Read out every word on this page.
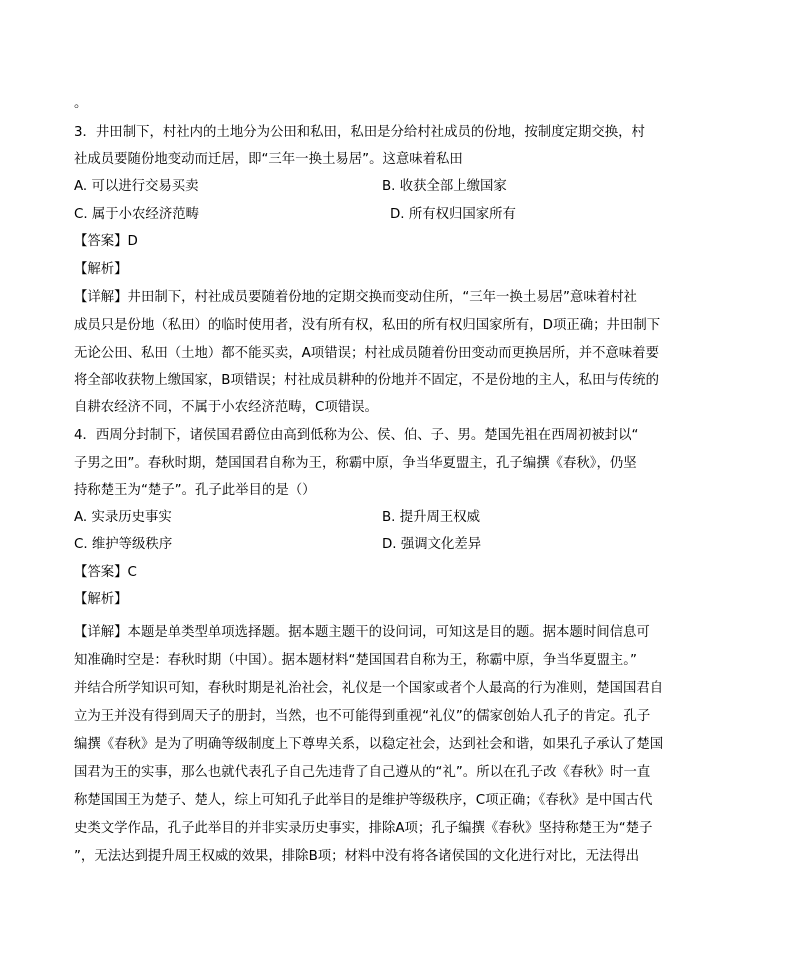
。
3．井田制下，村社内的土地分为公田和私田，私田是分给村社成员的份地，按制度定期交换，村
社成员要随份地变动而迁居，即“三年一换土易居”。这意味着私田
A. 可以进行交易买卖	B. 收获全部上缴国家
C. 属于小农经济范畴	D. 所有权归国家所有
【答案】D
【解析】
【详解】井田制下，村社成员要随着份地的定期交换而变动住所，“三年一换土易居”意味着村社
成员只是份地（私田）的临时使用者，没有所有权，私田的所有权归国家所有，D项正确；井田制下
无论公田、私田（土地）都不能买卖，A项错误；村社成员随着份田变动而更换居所，并不意味着要
将全部收获物上缴国家，B项错误；村社成员耕种的份地并不固定，不是份地的主人，私田与传统的
自耕农经济不同，不属于小农经济范畴，C项错误。
4．西周分封制下，诸侯国君爵位由高到低称为公、侯、伯、子、男。楚国先祖在西周初被封以“
子男之田”。春秋时期，楚国国君自称为王，称霸中原，争当华夏盟主，孔子编撰《春秋》，仍坚
持称楚王为“楚子”。孔子此举目的是（）
A. 实录历史事实	B. 提升周王权威
C. 维护等级秩序	D. 强调文化差异
【答案】C
【解析】
【详解】本题是单类型单项选择题。据本题主题干的设问词，可知这是目的题。据本题时间信息可
知准确时空是：春秋时期（中国）。据本题材料“楚国国君自称为王，称霸中原，争当华夏盟主。”
并结合所学知识可知，春秋时期是礼治社会，礼仪是一个国家或者个人最高的行为准则，楚国国君自
立为王并没有得到周天子的册封，当然，也不可能得到重视“礼仪”的儒家创始人孔子的肯定。孔子
编撰《春秋》是为了明确等级制度上下尊卑关系，以稳定社会，达到社会和谐，如果孔子承认了楚国
国君为王的实事，那么也就代表孔子自己先违背了自己遵从的“礼”。所以在孔子改《春秋》时一直
称楚国国王为楚子、楚人，综上可知孔子此举目的是维护等级秩序，C项正确；《春秋》是中国古代
史类文学作品，孔子此举目的并非实录历史事实，排除A项；孔子编撰《春秋》坚持称楚王为“楚子
”，无法达到提升周王权威的效果，排除B项；材料中没有将各诸侯国的文化进行对比，无法得出
